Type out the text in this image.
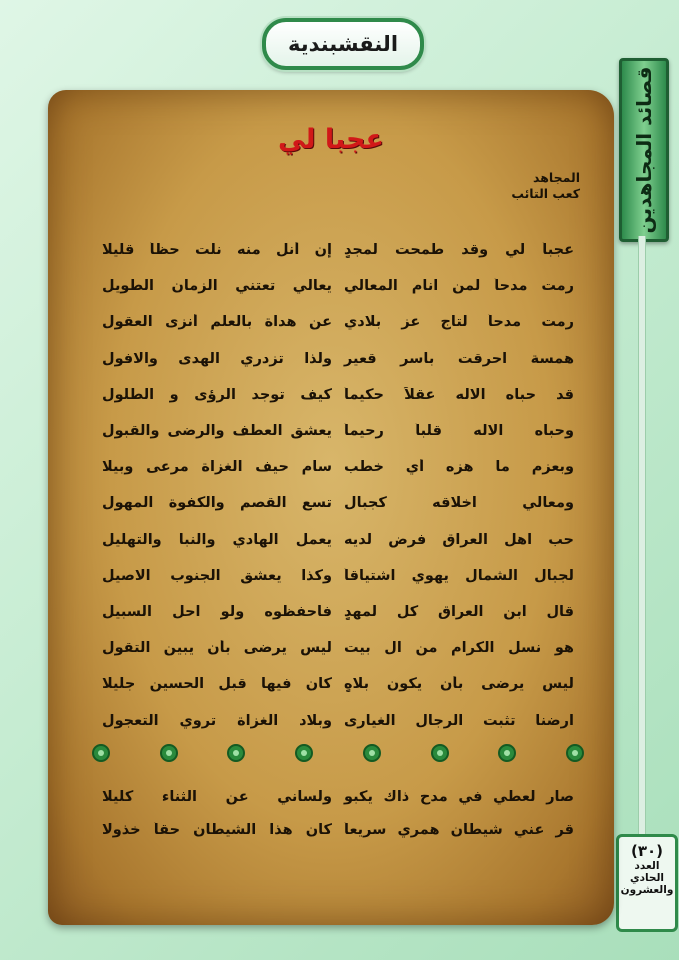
النقشبندية
قصائد المجاهدين
(٣٠)
العدد
الحادي
والعشرون
عجبا لي
المجاهد
كعب التائب
عجباً لي وقد طمحت لمجدٍ
إن أنل منه نلت حظاً قليلا
رمت مدحاً لمن انام المعالي
يعالي تعتني الزمان الطويل
رمت مدحاً لتاج عز بلادي
عن هداة بالعلم أنزى العقول
همسة احرقت باسر قعير
ولذا تزدري الهدى والافول
قد حباه الاله عقلاً حكيماً
كيف توجد الرؤى و الطلول
وحباه الاله قلباً رحيماً
يعشق العطف والرضى والقبول
وبعزم ما هزه أي خطب
سام حيف الغزاة مرعى وبيلا
ومعالي اخلاقه كجبال
تسع القصم والكفوة المهول
حب اهل العراق فرض لديه
يعمل الهادي والنبا والتهليل
لجبال الشمال يهوي اشتياقاً
وكذا يعشق الجنوب الاصيل
قال ابن العراق كل لمهدٍ
فاحفظوه ولو احل السبيل
هو نسل الكرام من آل بيت
ليس يرضى بأن يبين التقول
ليس يرضى بأن يكون بلاهٍ
كان فيها قبل الحسين جليلا
ارضنا تثبت الرجال الغيارى
وبلاد الغزاة تروي التعجول
صار لعطي في مدح ذاك يكبو
ولساني عن الثناء كليلا
قر عني شيطان همري سريعاً
كان هذا الشيطان حقاً خذولا
